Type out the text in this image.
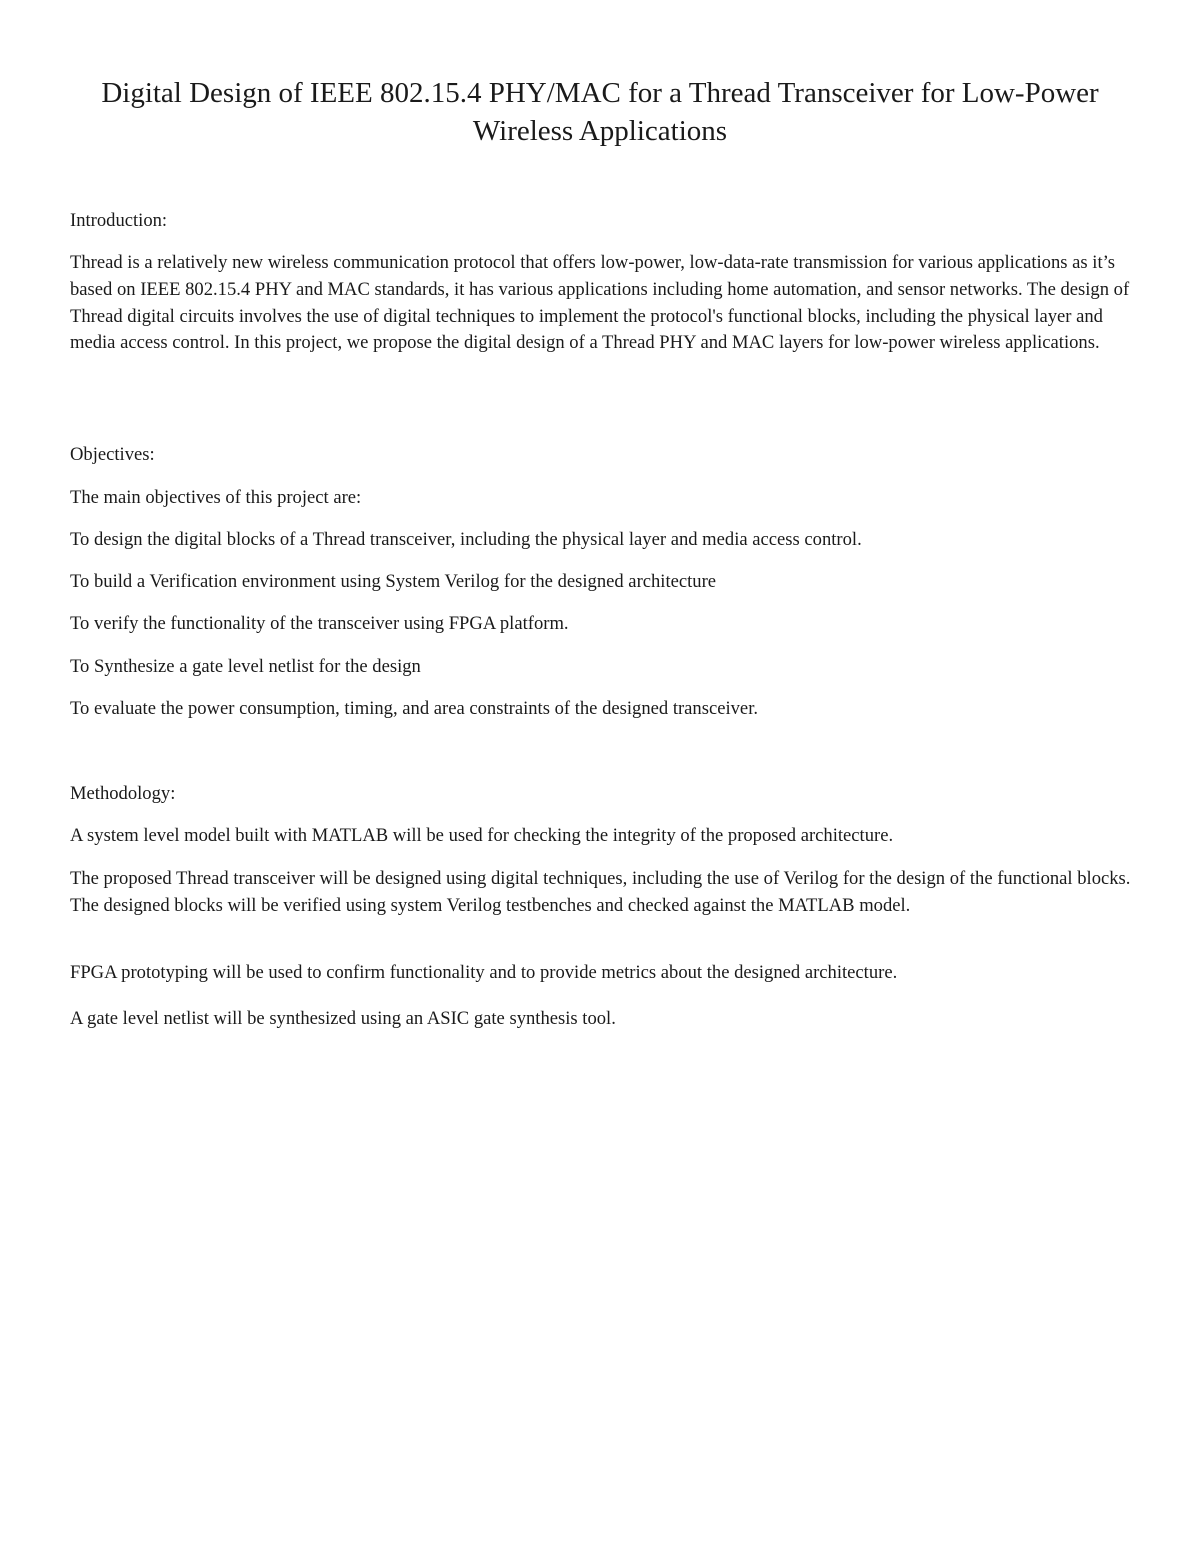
Digital Design of IEEE 802.15.4 PHY/MAC for a Thread Transceiver for Low-Power Wireless Applications

Introduction:

Thread is a relatively new wireless communication protocol that offers low-power, low-data-rate transmission for various applications as it’s based on IEEE 802.15.4 PHY and MAC standards, it has various applications including home automation, and sensor networks. The design of Thread digital circuits involves the use of digital techniques to implement the protocol's functional blocks, including the physical layer and media access control. In this project, we propose the digital design of a Thread PHY and MAC layers for low-power wireless applications.

Objectives:

The main objectives of this project are:

To design the digital blocks of a Thread transceiver, including the physical layer and media access control.

To build a Verification environment using System Verilog for the designed architecture

To verify the functionality of the transceiver using FPGA platform.

To Synthesize a gate level netlist for the design

To evaluate the power consumption, timing, and area constraints of the designed transceiver.

Methodology:

A system level model built with MATLAB will be used for checking the integrity of the proposed architecture.

The proposed Thread transceiver will be designed using digital techniques, including the use of Verilog for the design of the functional blocks. The designed blocks will be verified using system Verilog testbenches and checked against the MATLAB model.

FPGA prototyping will be used to confirm functionality and to provide metrics about the designed architecture.

A gate level netlist will be synthesized using an ASIC gate synthesis tool.
